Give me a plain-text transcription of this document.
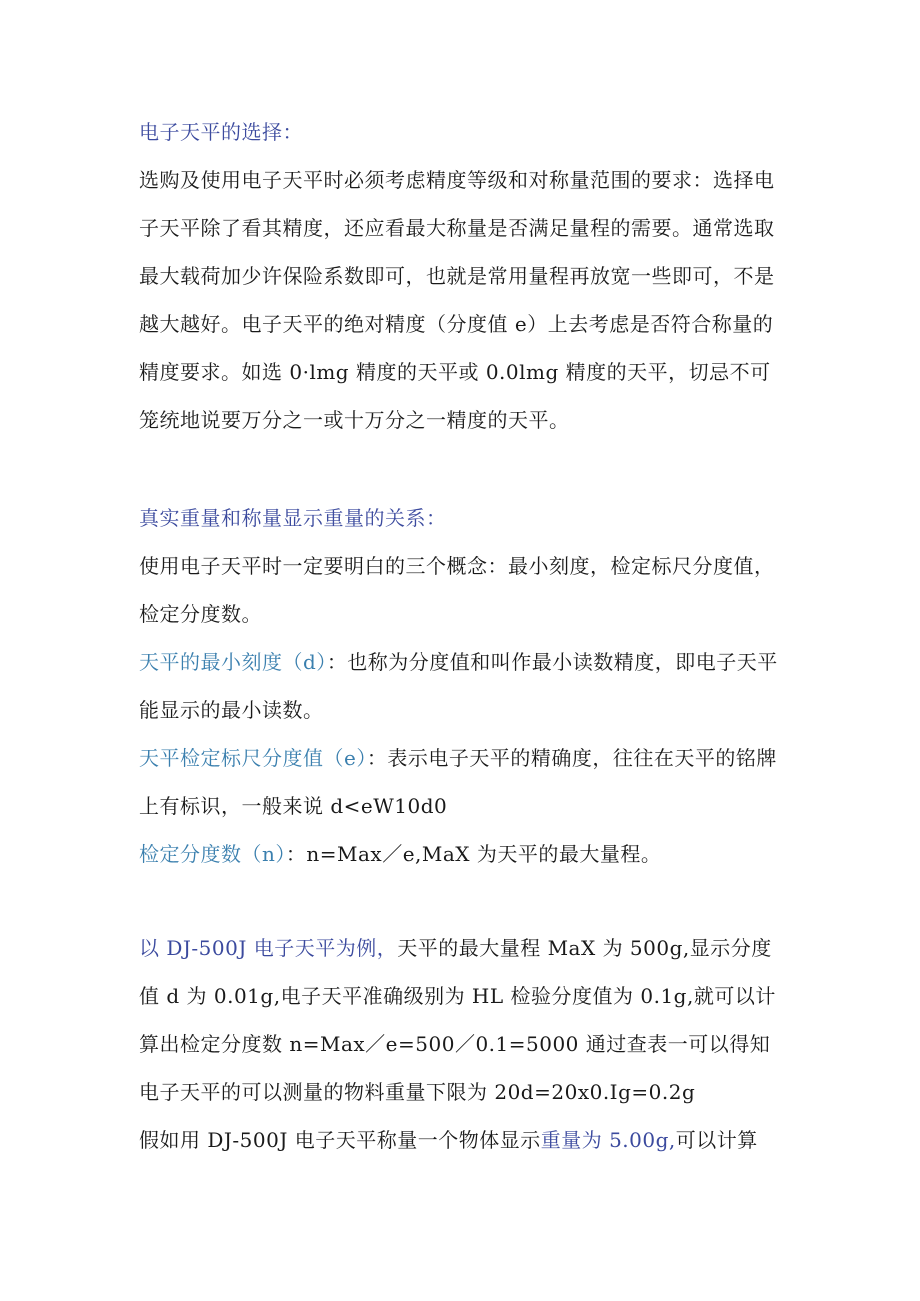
电子天平的选择：

选购及使用电子天平时必须考虑精度等级和对称量范围的要求：选择电子天平除了看其精度，还应看最大称量是否满足量程的需要。通常选取最大载荷加少许保险系数即可，也就是常用量程再放宽一些即可，不是越大越好。电子天平的绝对精度（分度值 e）上去考虑是否符合称量的精度要求。如选 0·lmg 精度的天平或 0.0lmg 精度的天平，切忌不可笼统地说要万分之一或十万分之一精度的天平。

真实重量和称量显示重量的关系：

使用电子天平时一定要明白的三个概念：最小刻度，检定标尺分度值，检定分度数。

天平的最小刻度（d）：也称为分度值和叫作最小读数精度，即电子天平能显示的最小读数。

天平检定标尺分度值（e）：表示电子天平的精确度，往往在天平的铭牌上有标识，一般来说 d<eW10d0

检定分度数（n）：n=Max／e,MaX 为天平的最大量程。

以 DJ-500J 电子天平为例，天平的最大量程 MaX 为 500g,显示分度值 d 为 0.01g,电子天平准确级别为 HL 检验分度值为 0.1g,就可以计算出检定分度数 n=Max／e=500／0.1=5000 通过查表一可以得知电子天平的可以测量的物料重量下限为 20d=20x0.Ig=0.2g

假如用 DJ-500J 电子天平称量一个物体显示重量为 5.00g,可以计算
